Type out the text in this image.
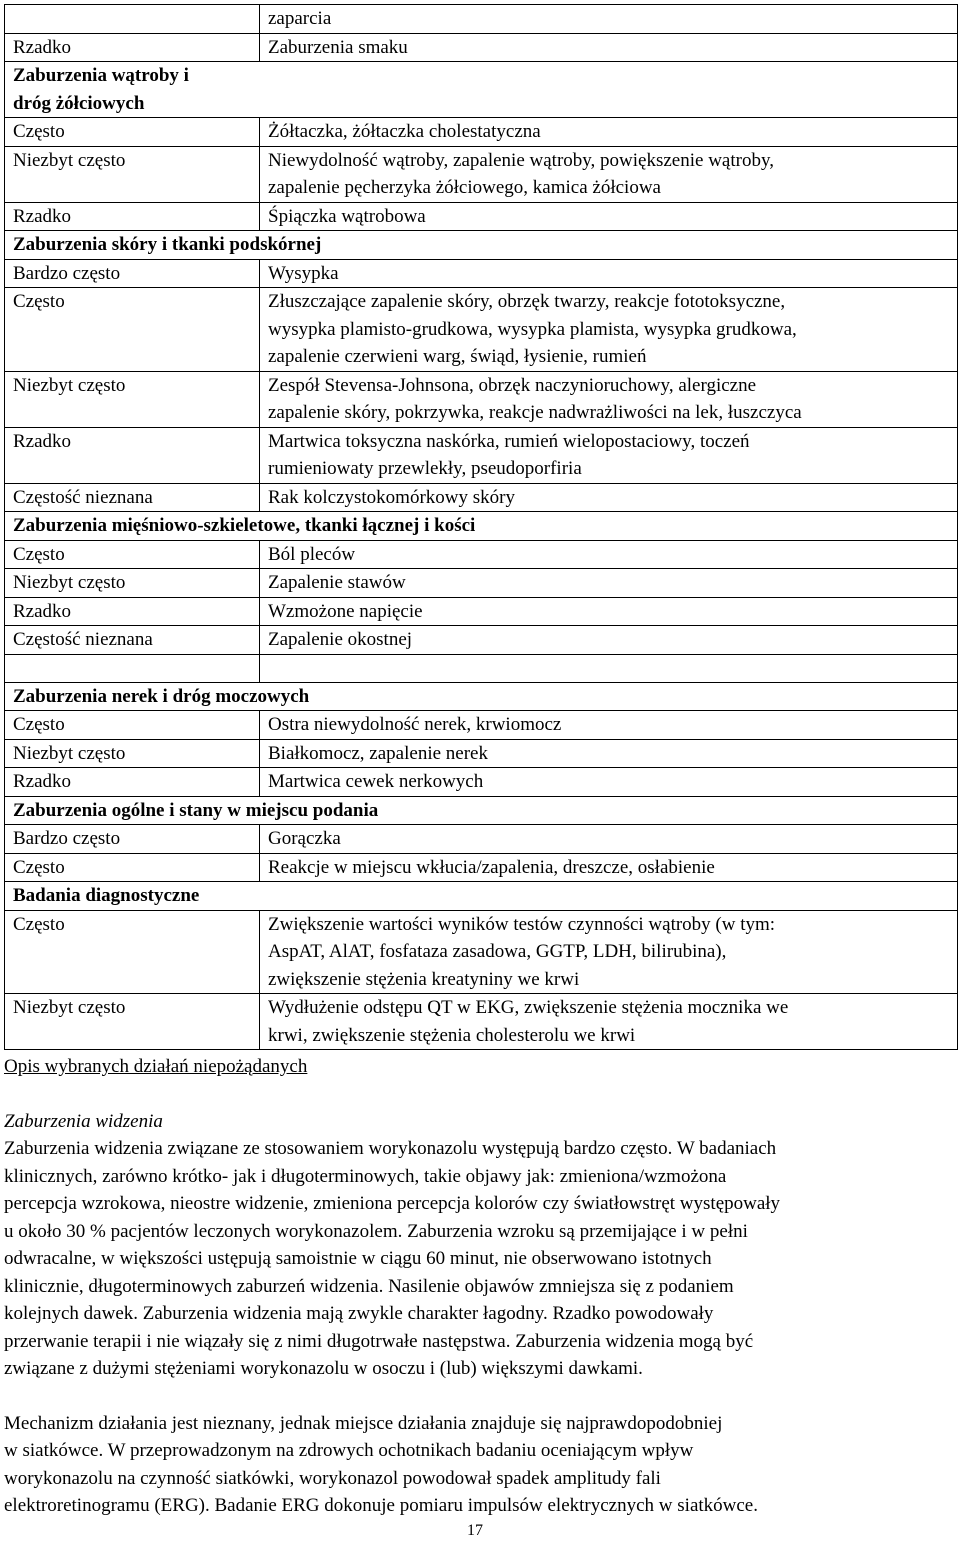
	zaparcia

Rzadko	Zaburzenia smaku

Zaburzenia wątroby i
dróg żółciowych	

Często	Żółtaczka, żółtaczka cholestatyczna

Niezbyt często	Niewydolność wątroby, zapalenie wątroby, powiększenie wątroby,
zapalenie pęcherzyka żółciowego, kamica żółciowa

Rzadko	Śpiączka wątrobowa

Zaburzenia skóry i tkanki podskórnej	

Bardzo często	Wysypka

Często	Złuszczające zapalenie skóry, obrzęk twarzy, reakcje fototoksyczne,
wysypka plamisto-grudkowa, wysypka plamista, wysypka grudkowa,
zapalenie czerwieni warg, świąd, łysienie, rumień

Niezbyt często	Zespół Stevensa-Johnsona, obrzęk naczynioruchowy, alergiczne
zapalenie skóry, pokrzywka, reakcje nadwrażliwości na lek, łuszczyca

Rzadko	Martwica toksyczna naskórka, rumień wielopostaciowy, toczeń
rumieniowaty przewlekły, pseudoporfiria

Częstość nieznana	Rak kolczystokomórkowy skóry

Zaburzenia mięśniowo-szkieletowe, tkanki łącznej i kości	

Często	Ból pleców

Niezbyt często	Zapalenie stawów

Rzadko	Wzmożone napięcie

Częstość nieznana	Zapalenie okostnej

Zaburzenia nerek i dróg moczowych	

Często	Ostra niewydolność nerek, krwiomocz

Niezbyt często	Białkomocz, zapalenie nerek

Rzadko	Martwica cewek nerkowych

Zaburzenia ogólne i stany w miejscu podania	

Bardzo często	Gorączka

Często	Reakcje w miejscu wkłucia/zapalenia, dreszcze, osłabienie

Badania diagnostyczne	

Często	Zwiększenie wartości wyników testów czynności wątroby (w tym:
AspAT, AlAT, fosfataza zasadowa, GGTP, LDH, bilirubina),
zwiększenie stężenia kreatyniny we krwi

Niezbyt często	Wydłużenie odstępu QT w EKG, zwiększenie stężenia mocznika we
krwi, zwiększenie stężenia cholesterolu we krwi

Opis wybranych działań niepożądanych

Zaburzenia widzenia

Zaburzenia widzenia związane ze stosowaniem worykonazolu występują bardzo często. W badaniach
klinicznych, zarówno krótko- jak i długoterminowych, takie objawy jak: zmieniona/wzmożona
percepcja wzrokowa, nieostre widzenie, zmieniona percepcja kolorów czy światłowstręt występowały
u około 30 % pacjentów leczonych worykonazolem. Zaburzenia wzroku są przemijające i w pełni
odwracalne, w większości ustępują samoistnie w ciągu 60 minut, nie obserwowano istotnych
klinicznie, długoterminowych zaburzeń widzenia. Nasilenie objawów zmniejsza się z podaniem
kolejnych dawek. Zaburzenia widzenia mają zwykle charakter łagodny. Rzadko powodowały
przerwanie terapii i nie wiązały się z nimi długotrwałe następstwa. Zaburzenia widzenia mogą być
związane z dużymi stężeniami worykonazolu w osoczu i (lub) większymi dawkami.

Mechanizm działania jest nieznany, jednak miejsce działania znajduje się najprawdopodobniej
w siatkówce. W przeprowadzonym na zdrowych ochotnikach badaniu oceniającym wpływ
worykonazolu na czynność siatkówki, worykonazol powodował spadek amplitudy fali
elektroretinogramu (ERG). Badanie ERG dokonuje pomiaru impulsów elektrycznych w siatkówce.

17
